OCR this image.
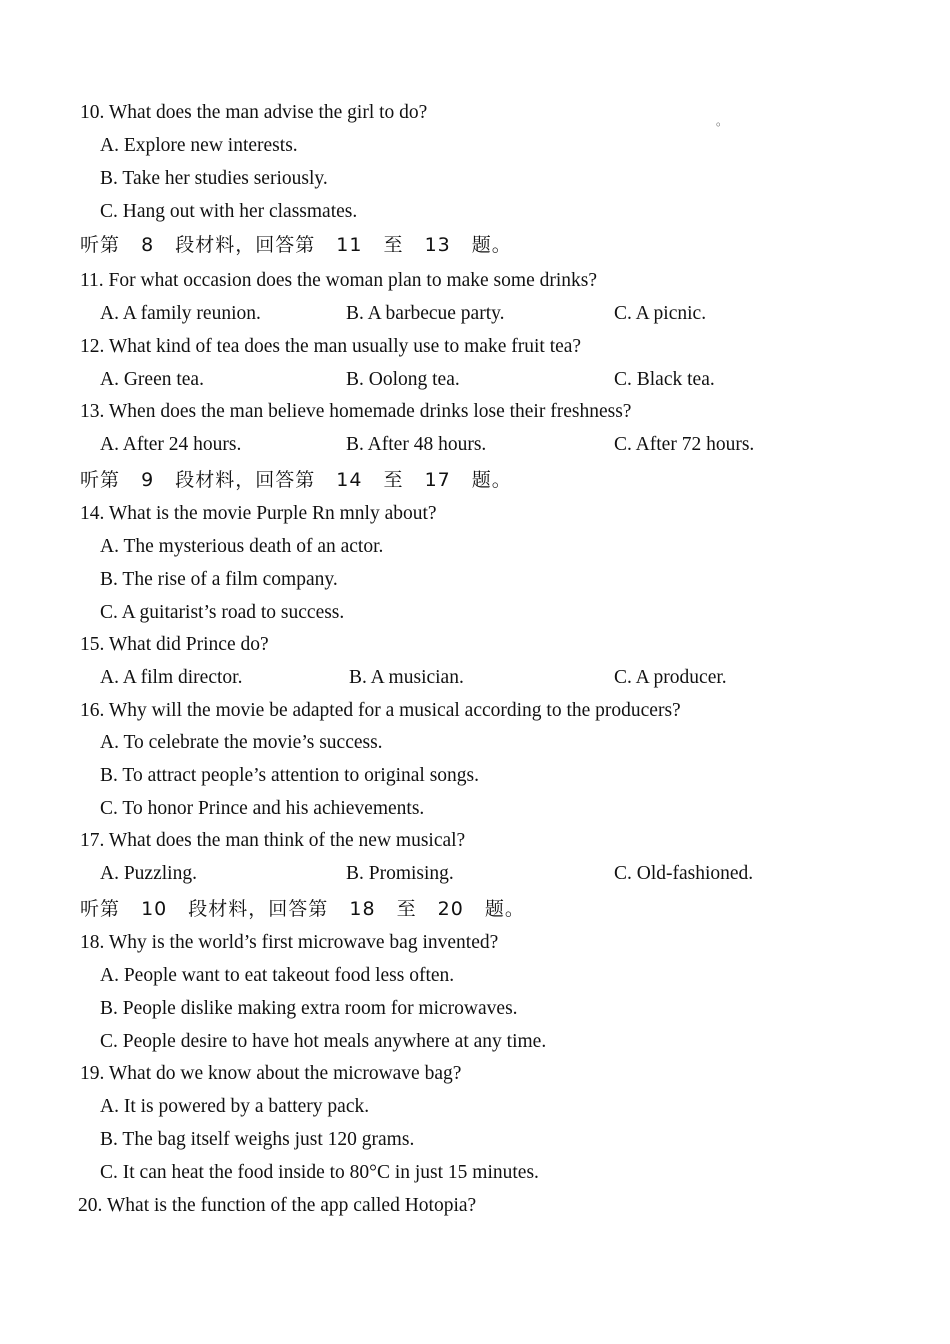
。
10. What does the man advise the girl to do?
A. Explore new interests.
B. Take her studies seriously.
C. Hang out with her classmates.
听第 8 段材料，回答第 11 至 13 题。
11. For what occasion does the woman plan to make some drinks?
A. A family reunion.	B. A barbecue party.	C. A picnic.
12. What kind of tea does the man usually use to make fruit tea?
A. Green tea.	B. Oolong tea.	C. Black tea.
13. When does the man believe homemade drinks lose their freshness?
A. After 24 hours.	B. After 48 hours.	C. After 72 hours.
听第 9 段材料，回答第 14 至 17 题。
14. What is the movie Purple Rn mnly about?
A. The mysterious death of an actor.
B. The rise of a film company.
C. A guitarist’s road to success.
15. What did Prince do?
A. A film director.	B. A musician.	C. A producer.
16. Why will the movie be adapted for a musical according to the producers?
A. To celebrate the movie’s success.
B. To attract people’s attention to original songs.
C. To honor Prince and his achievements.
17. What does the man think of the new musical?
A. Puzzling.	B. Promising.	C. Old-fashioned.
听第 10 段材料，回答第 18 至 20 题。
18. Why is the world’s first microwave bag invented?
A. People want to eat takeout food less often.
B. People dislike making extra room for microwaves.
C. People desire to have hot meals anywhere at any time.
19. What do we know about the microwave bag?
A. It is powered by a battery pack.
B. The bag itself weighs just 120 grams.
C. It can heat the food inside to 80°C in just 15 minutes.
20. What is the function of the app called Hotopia?
